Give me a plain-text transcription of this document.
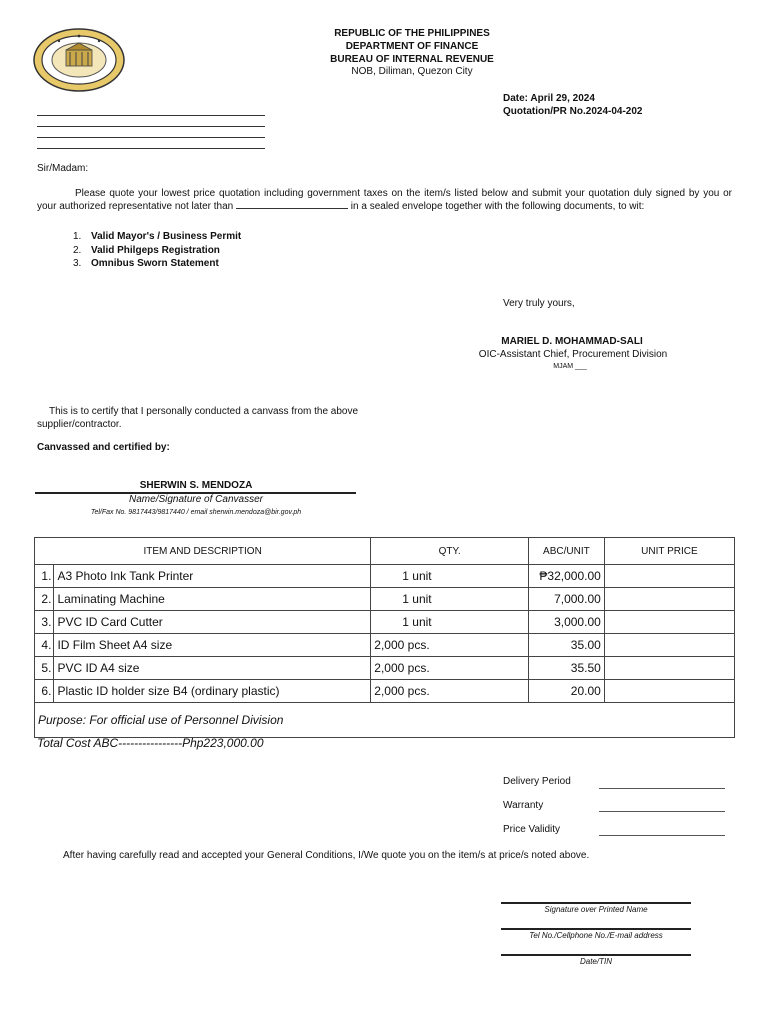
REPUBLIC OF THE PHILIPPINES
DEPARTMENT OF FINANCE
BUREAU OF INTERNAL REVENUE
NOB, Diliman, Quezon City
Date: April 29, 2024
Quotation/PR No.2024-04-202
Sir/Madam:
Please quote your lowest price quotation including government taxes on the item/s listed below and submit your quotation duly signed by you or your authorized representative not later than	in a sealed envelope together with the following documents, to wit:
1. Valid Mayor's / Business Permit
2. Valid Philgeps Registration
3. Omnibus Sworn Statement
Very truly yours,
MARIEL D. MOHAMMAD-SALI
OIC-Assistant Chief, Procurement Division
MJAM ___
This is to certify that I personally conducted a canvass from the above supplier/contractor.
Canvassed and certified by:
SHERWIN S. MENDOZA
Name/Signature of Canvasser
Tel/Fax No. 9817443/9817440 / email sherwin.mendoza@bir.gov.ph
ITEM AND DESCRIPTION		QTY.	ABC/UNIT	UNIT PRICE
1.	A3 Photo Ink Tank Printer	1 unit	₱32,000.00	
2.	Laminating Machine	1 unit	7,000.00	
3.	PVC ID Card Cutter	1 unit	3,000.00	
4.	ID Film Sheet A4 size	2,000 pcs.	35.00	
5.	PVC ID A4 size	2,000 pcs.	35.50	
6.	Plastic ID holder size B4 (ordinary plastic)	2,000 pcs.	20.00	
Purpose: For official use of Personnel Division				
Total Cost ABC----------------Php223,000.00
Delivery Period
Warranty
Price Validity
After having carefully read and accepted your General Conditions, I/We quote you on the item/s at price/s noted above.
Signature over Printed Name
Tel No./Cellphone No./E-mail address
Date/TIN
